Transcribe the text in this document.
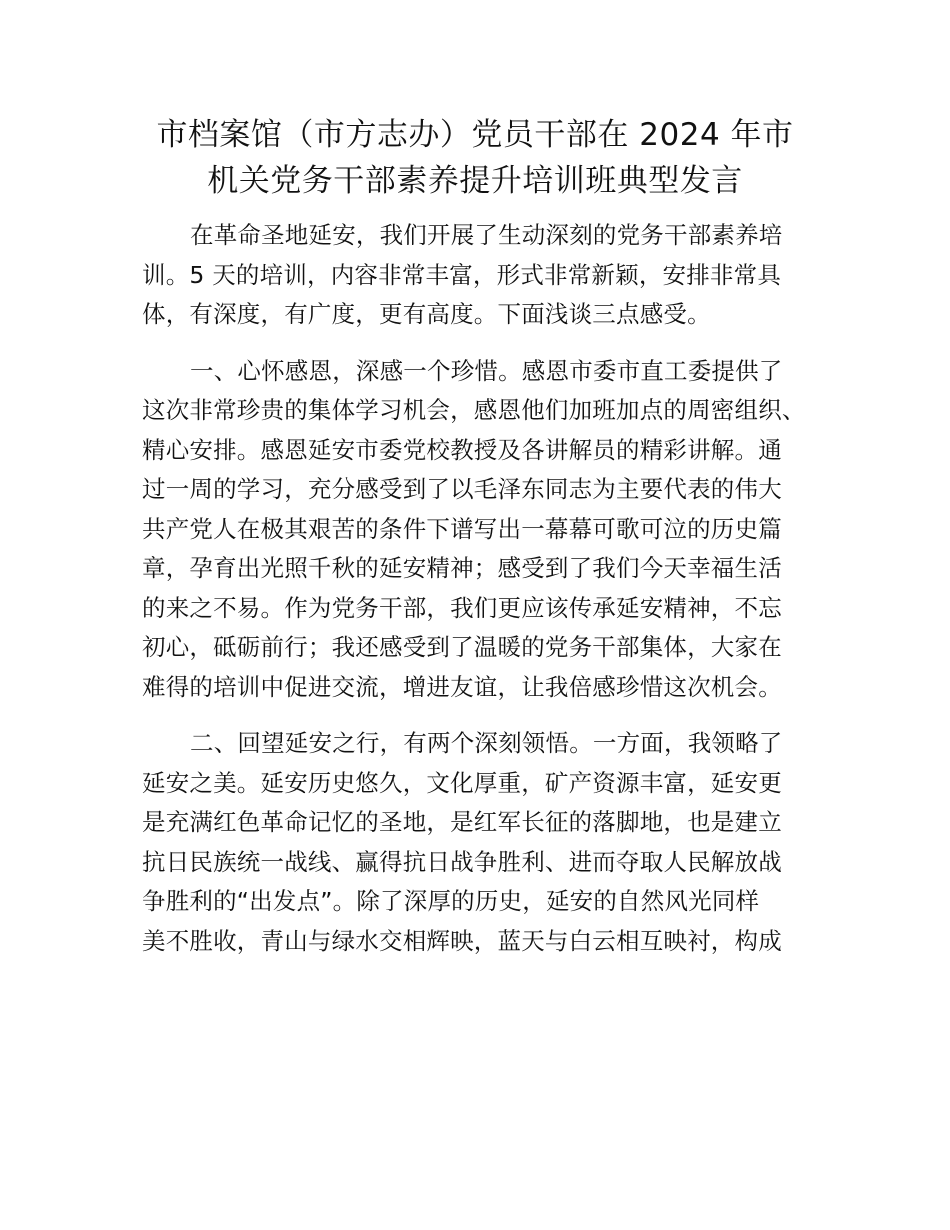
市档案馆（市方志办）党员干部在 2024 年市
机关党务干部素养提升培训班典型发言

在革命圣地延安，我们开展了生动深刻的党务干部素养培
训。5 天的培训，内容非常丰富，形式非常新颖，安排非常具
体，有深度，有广度，更有高度。下面浅谈三点感受。

一、心怀感恩，深感一个珍惜。感恩市委市直工委提供了
这次非常珍贵的集体学习机会，感恩他们加班加点的周密组织、
精心安排。感恩延安市委党校教授及各讲解员的精彩讲解。通
过一周的学习，充分感受到了以毛泽东同志为主要代表的伟大
共产党人在极其艰苦的条件下谱写出一幕幕可歌可泣的历史篇
章，孕育出光照千秋的延安精神；感受到了我们今天幸福生活
的来之不易。作为党务干部，我们更应该传承延安精神，不忘
初心，砥砺前行；我还感受到了温暖的党务干部集体，大家在
难得的培训中促进交流，增进友谊，让我倍感珍惜这次机会。

二、回望延安之行，有两个深刻领悟。一方面，我领略了
延安之美。延安历史悠久，文化厚重，矿产资源丰富，延安更
是充满红色革命记忆的圣地，是红军长征的落脚地，也是建立
抗日民族统一战线、赢得抗日战争胜利、进而夺取人民解放战
争胜利的“出发点”。除了深厚的历史，延安的自然风光同样
美不胜收，青山与绿水交相辉映，蓝天与白云相互映衬，构成
